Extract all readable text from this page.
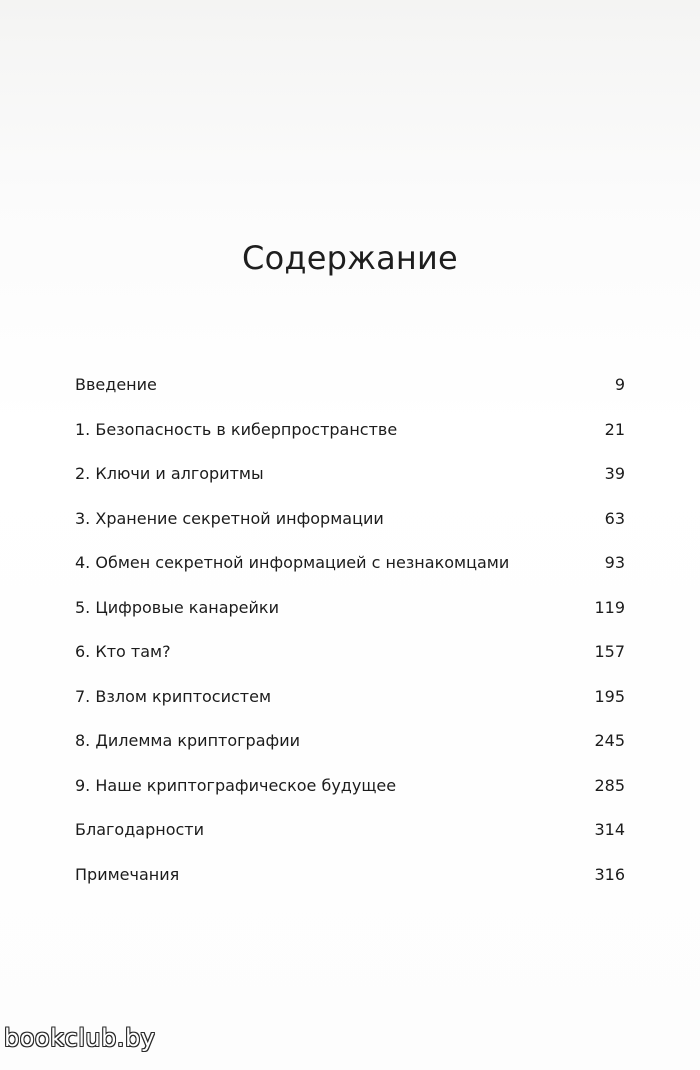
Содержание
Введение	9
1. Безопасность в киберпространстве	21
2. Ключи и алгоритмы	39
3. Хранение секретной информации	63
4. Обмен секретной информацией с незнакомцами	93
5. Цифровые канарейки	119
6. Кто там?	157
7. Взлом криптосистем	195
8. Дилемма криптографии	245
9. Наше криптографическое будущее	285
Благодарности	314
Примечания	316
bookclub.by
